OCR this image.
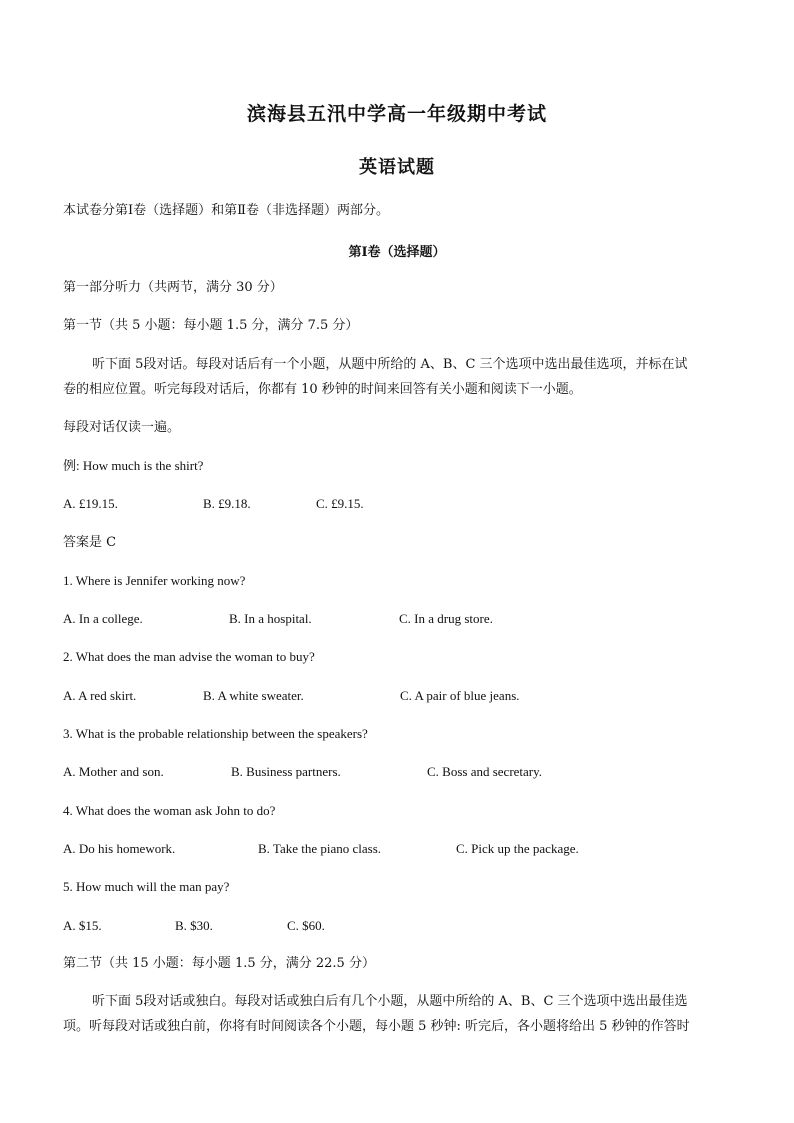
滨海县五汛中学高一年级期中考试
英语试题
本试卷分第Ⅰ卷（选择题）和第Ⅱ卷（非选择题）两部分。
第Ⅰ卷（选择题）
第一部分听力（共两节，满分 30 分）
第一节（共 5 小题：每小题 1.5 分，满分 7.5 分）
听下面 5段对话。每段对话后有一个小题，从题中所给的 A、B、C 三个选项中选出最佳选项，并标在试
卷的相应位置。听完每段对话后，你都有 10 秒钟的时间来回答有关小题和阅读下一小题。
每段对话仅读一遍。
例: How much is the shirt?
A. £19.15.	B. £9.18.	C. £9.15.
答案是 C
1. Where is Jennifer working now?
A. In a college.	B. In a hospital.	C. In a drug store.
2. What does the man advise the woman to buy?
A. A red skirt.	B. A white sweater.	C. A pair of blue jeans.
3. What is the probable relationship between the speakers?
A. Mother and son.	B. Business partners.	C. Boss and secretary.
4. What does the woman ask John to do?
A. Do his homework.	B. Take the piano class.	C. Pick up the package.
5. How much will the man pay?
A. $15.	B. $30.	C. $60.
第二节（共 15 小题：每小题 1.5 分，满分 22.5 分）
听下面 5段对话或独白。每段对话或独白后有几个小题，从题中所给的 A、B、C 三个选项中选出最佳选
项。听每段对话或独白前，你将有时间阅读各个小题，每小题 5 秒钟: 听完后，各小题将给出 5 秒钟的作答时
